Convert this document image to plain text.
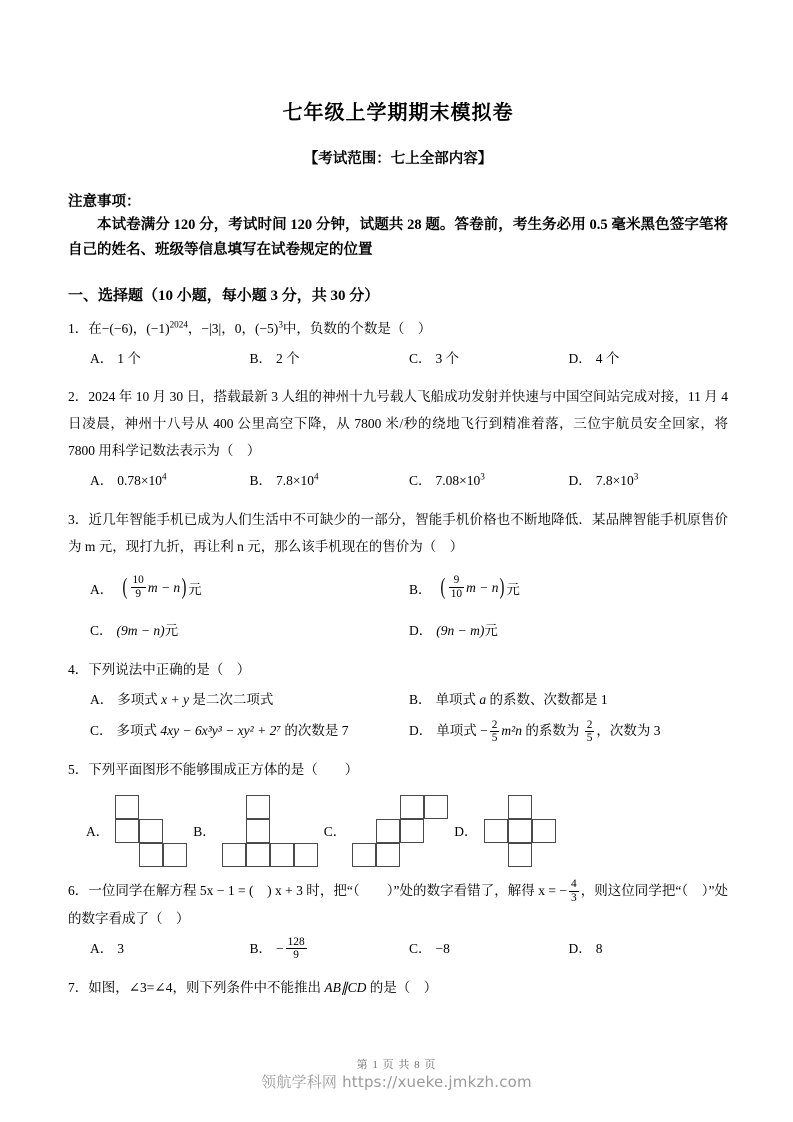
七年级上学期期末模拟卷
【考试范围：七上全部内容】
注意事项：
本试卷满分 120 分，考试时间 120 分钟，试题共 28 题。答卷前，考生务必用 0.5 毫米黑色签字笔将自己的姓名、班级等信息填写在试卷规定的位置
一、选择题（10 小题，每小题 3 分，共 30 分）
1．在−(−6)，$(-1)^{2024}$，−|3|，0，$(-5)^3$中，负数的个数是（　）
A． 1 个	B． 2 个	C． 3 个	D． 4 个
2．2024 年 10 月 30 日，搭载最新 3 人组的神州十九号载人飞船成功发射并快速与中国空间站完成对接，11 月 4 日凌晨，神州十八号从 400 公里高空下降，从 7800 米/秒的绕地飞行到精准着落，三位宇航员安全回家，将 7800 用科学记数法表示为（　）
A． $0.78\times 10^4$	B． $7.8\times 10^4$	C． $7.08\times 10^3$	D． $7.8\times 10^3$
3．近几年智能手机已成为人们生活中不可缺少的一部分，智能手机价格也不断地降低．某品牌智能手机原售价为 m 元，现打九折，再让利 n 元，那么该手机现在的售价为（　）
A． ( $\frac{10}{9}$ m − n ) 元	B． ( $\frac{9}{10}$ m − n ) 元
C． (9m − n)元	D． (9n − m)元
4．下列说法中正确的是（　）
A． 多项式 x + y 是二次二项式	B． 单项式 a 的系数、次数都是 1
C． 多项式 4xy − 6x³y³ − xy² + 2⁷ 的次数是 7	D． 单项式 − $\frac{2}{5} m^2n$ 的系数为 $\frac{2}{5}$ ，次数为 3
5．下列平面图形不能够围成正方体的是（　　）
A．	B．	C．	D．
6．一位同学在解方程 5x − 1 = (　) x + 3 时，把“（　　）”处的数字看错了，解得 x = − $\frac{4}{3}$ ，则这位同学把“（　）”处的数字看成了（　）
A． 3	B． − $\frac{128}{9}$	C． −8	D． 8
7．如图，∠3=∠4，则下列条件中不能推出 AB∥CD 的是（　）
第 1 页 共 8 页
领航学科网 https://xueke.jmkzh.com
